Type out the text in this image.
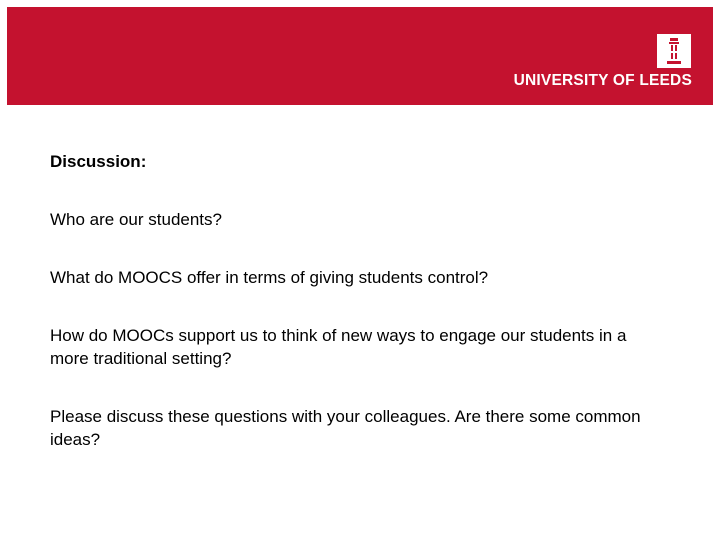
UNIVERSITY OF LEEDS

Discussion:

Who are our students?

What do MOOCS offer in terms of giving students control?

How do MOOCs support us to think of new ways to engage our students in a more traditional setting?

Please discuss these questions with your colleagues. Are there some common ideas?
